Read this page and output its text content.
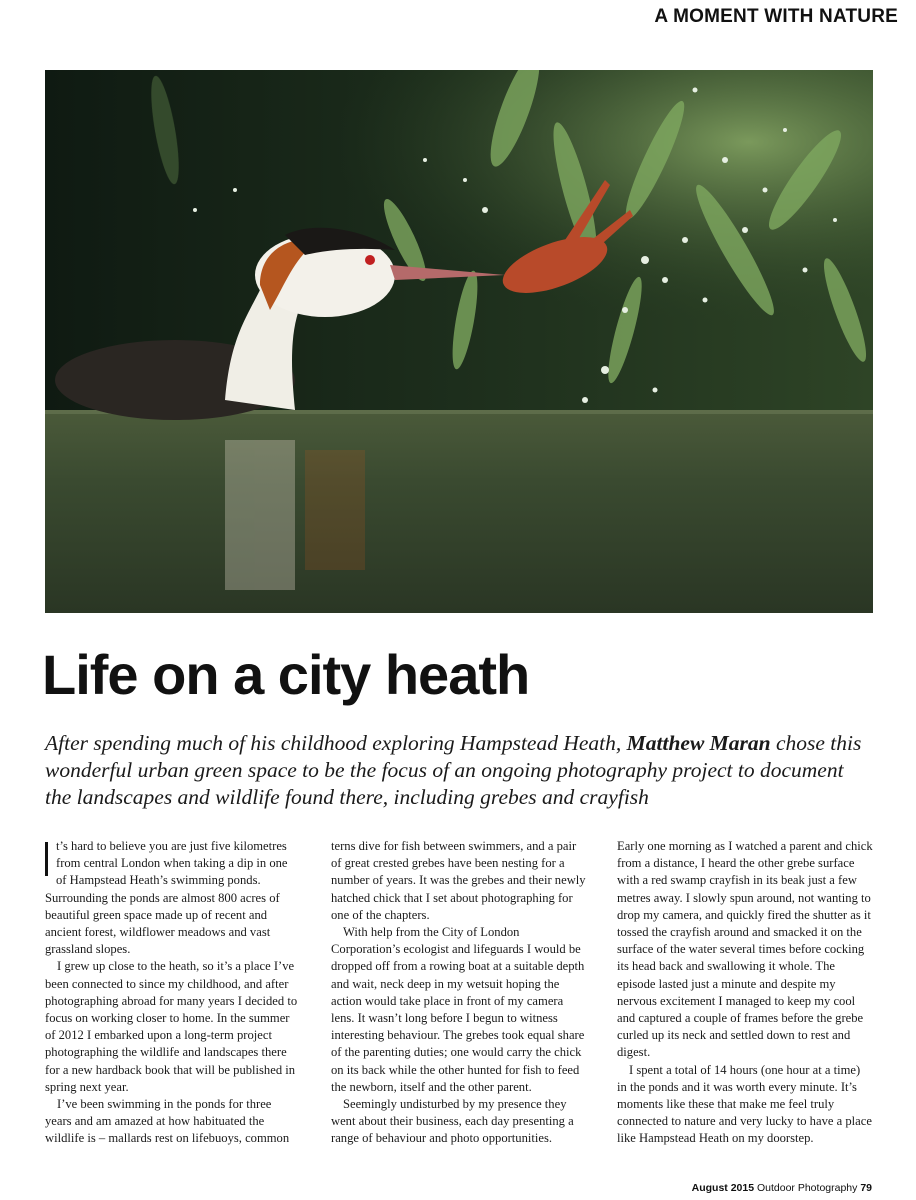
A MOMENT WITH NATURE
Life on a city heath

After spending much of his childhood exploring Hampstead Heath, Matthew Maran chose this wonderful urban green space to be the focus of an ongoing photography project to document the landscapes and wildlife found there, including grebes and crayfish

t’s hard to believe you are just five kilometres from central London when taking a dip in one of Hampstead Heath’s swimming ponds. Surrounding the ponds are almost 800 acres of beautiful green space made up of recent and ancient forest, wildflower meadows and vast grassland slopes.

I grew up close to the heath, so it’s a place I’ve been connected to since my childhood, and after photographing abroad for many years I decided to focus on working closer to home. In the summer of 2012 I embarked upon a long-term project photographing the wildlife and landscapes there for a new hardback book that will be published in spring next year.

I’ve been swimming in the ponds for three years and am amazed at how habituated the wildlife is – mallards rest on lifebuoys, common

terns dive for fish between swimmers, and a pair of great crested grebes have been nesting for a number of years. It was the grebes and their newly hatched chick that I set about photographing for one of the chapters.

With help from the City of London Corporation’s ecologist and lifeguards I would be dropped off from a rowing boat at a suitable depth and wait, neck deep in my wetsuit hoping the action would take place in front of my camera lens. It wasn’t long before I begun to witness interesting behaviour. The grebes took equal share of the parenting duties; one would carry the chick on its back while the other hunted for fish to feed the newborn, itself and the other parent.

Seemingly undisturbed by my presence they went about their business, each day presenting a range of behaviour and photo opportunities.

Early one morning as I watched a parent and chick from a distance, I heard the other grebe surface with a red swamp crayfish in its beak just a few metres away. I slowly spun around, not wanting to drop my camera, and quickly fired the shutter as it tossed the crayfish around and smacked it on the surface of the water several times before cocking its head back and swallowing it whole. The episode lasted just a minute and despite my nervous excitement I managed to keep my cool and captured a couple of frames before the grebe curled up its neck and settled down to rest and digest.

I spent a total of 14 hours (one hour at a time) in the ponds and it was worth every minute. It’s moments like these that make me feel truly connected to nature and very lucky to have a place like Hampstead Heath on my doorstep.

August 2015 Outdoor Photography 79
